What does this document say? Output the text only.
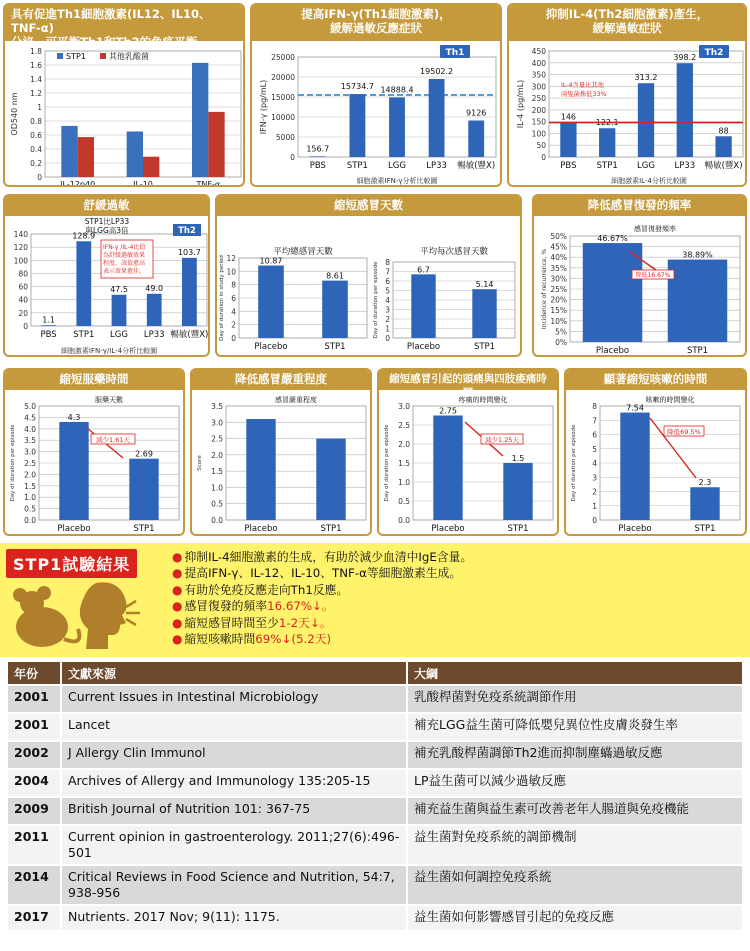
具有促進Th1細胞激素(IL12、IL10、TNF-α)
分泌，可平衡Th1和Th2的免疫平衡
1.8
1.6
1.4
1.2
1
0.8
0.6
0.4
0.2
0
OD540 nm
IL-12p40	IL-10	TNF-α
STP1	其他乳酸菌
提高IFN-γ(Th1細胞激素)，
緩解過敏反應症狀
25000
20000
15000
10000
5000
0
IFN-γ (pg/mL)
156.7
PBS
15734.7
STP1
14888.4
LGG
19502.2
LP33
9126
暢敏(豐X)
Th1
細胞激素IFN-γ分析比較圖
抑制IL-4(Th2細胞激素)產生，
緩解過敏症狀
450
400
350
300
250
200
150
100
50
0
IL-4 (pg/mL)	146
PBS
122.1
STP1
313.2
LGG
398.2
LP33
88
暢敏(豐X)
IL-4含量比其他
兩隻菌株低33%
Th2
細胞激素IL-4分析比較圖
舒緩過敏
140
120
100
80
60
40
20
0
1.1
PBS
128.9
STP1
47.5
LGG
49.0
LP33
103.7
暢敏(豐X)
STP1比LP33
與LGG高3倍
IFN-γ /IL-4比值
為舒緩過敏效果
程度，該值愈高
表示效果愈佳。
Th2
細胞激素IFN-γ/IL-4分析比較圖
縮短感冒天數
平均總感冒天數	平均每次感冒天數
12
10
8
6
4
2
0
Day of duration in study period	8
7
6
5
4
3
2
1
0
Day of duration per episode
10.87
Placebo
8.61
STP1
6.7
Placebo
5.14
STP1
降低感冒復發的頻率
感冒復發頻率
50%
45%
40%
35%
30%
25%
20%
15%
10%
5%
0%
Incidence of recurrence, %
46.67%
Placebo
38.89%
STP1
降低16.67%
縮短服藥時間
服藥天數
5.0
4.5
4.0
3.5
3.0
2.5
2.0
1.5
1.0
0.5
0.0
Day of duration per episode
4.3
Placebo
2.69
STP1
減少1.61天
降低感冒嚴重程度
感冒嚴重程度
3.5
3.0
2.5
2.0
1.5
1.0
0.5
0.0
Score
Placebo	STP1
縮短感冒引起的頭痛與四肢痠痛時間
疼痛的時間變化
3.0
2.5
2.0
1.5
1.0
0.5
0.0
Day of duration per episode
2.75
Placebo
1.5
STP1
減少1.25天
顯著縮短咳嗽的時間
咳嗽的時間變化
8
7
6
5
4
3
2
1
0
Day of duration per episode
7.54
Placebo
2.3
STP1
降低69.5%
STP1試驗結果	● 抑制IL-4細胞激素的生成，有助於減少血清中IgE含量。
● 提高IFN-γ、IL-12、IL-10、TNF-α等細胞激素生成。
● 有助於免疫反應走向Th1反應。
● 感冒復發的頻率16.67%↓。
● 縮短感冒時間至少1-2天↓。
● 縮短咳嗽時間69%↓(5.2天)
年份	文獻來源	大綱
2001	Current Issues in Intestinal Microbiology	乳酸桿菌對免疫系統調節作用
2001	Lancet	補充LGG益生菌可降低嬰兒異位性皮膚炎發生率
2002	J Allergy Clin Immunol	補充乳酸桿菌調節Th2進而抑制塵蟎過敏反應
2004	Archives of Allergy and Immunology 135:205-15	LP益生菌可以減少過敏反應
2009	British Journal of Nutrition 101: 367-75	補充益生菌與益生素可改善老年人腸道與免疫機能
2011	Current opinion in gastroenterology. 2011;27(6):496-501	益生菌對免疫系統的調節機制
2014	Critical Reviews in Food Science and Nutrition, 54:7, 938-956	益生菌如何調控免疫系統
2017	Nutrients. 2017 Nov; 9(11): 1175.	益生菌如何影響感冒引起的免疫反應
